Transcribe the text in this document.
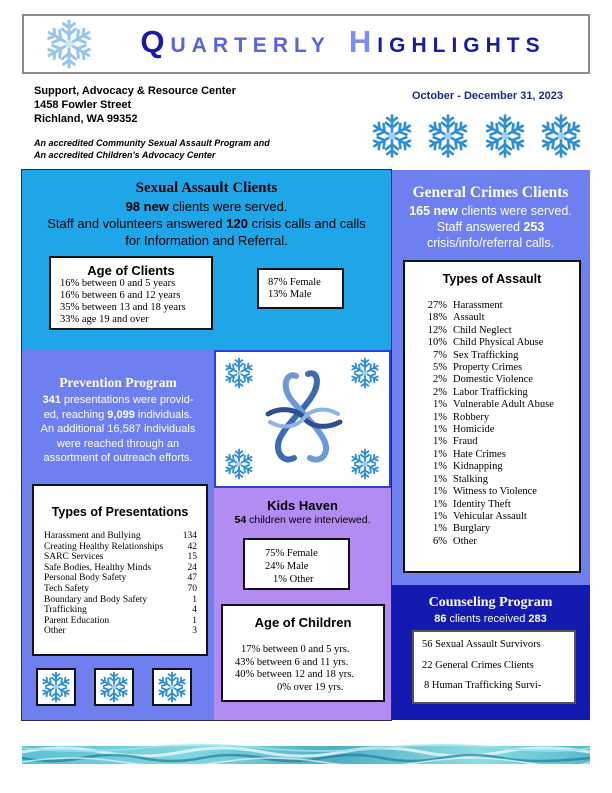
Q UARTERLY H IGHLIGHTS
Support, Advocacy & Resource Center
1458 Fowler Street
Richland, WA 99352
An accredited Community Sexual Assault Program and
An accredited Children's Advocacy Center
October - December 31, 2023
Sexual Assault Clients
98 new clients were served.
Staff and volunteers answered 120 crisis calls and calls
for Information and Referral.
Age of Clients
16% between 0 and 5 years
16% between 6 and 12 years
35% between 13 and 18 years
33% age 19 and over
87% Female
13% Male
General Crimes Clients
165 new clients were served.
Staff answered 253
crisis/info/referral calls.
Types of Assault
27% Harassment
18% Assault
12% Child Neglect
10% Child Physical Abuse
7% Sex Trafficking
5% Property Crimes
2% Domestic Violence
2% Labor Trafficking
1% Vulnerable Adult Abuse
1% Robbery
1% Homicide
1% Fraud
1% Hate Crimes
1% Kidnapping
1% Stalking
1% Witness to Violence
1% Identity Theft
1% Vehicular Assault
1% Burglary
6% Other
Prevention Program
341 presentations were provid-
ed, reaching 9,099 individuals.
An additional 16,587 individuals
were reached through an
assortment of outreach efforts.
Types of Presentations
Harassment and Bullying	134
Creating Healthy Relationships	42
SARC Services	15
Safe Bodies, Healthy Minds	24
Personal Body Safety	47
Tech Safety	70
Boundary and Body Safety	1
Trafficking	4
Parent Education	1
Other	3
Kids Haven
54 children were interviewed.
75% Female
24% Male
1% Other
Age of Children
17% between 0 and 5 yrs.
43% between 6 and 11 yrs.
40% between 12 and 18 yrs.
0% over 19 yrs.
Counseling Program
86 clients received 283
56 Sexual Assault Survivors
22 General Crimes Clients
8 Human Trafficking Survi-
